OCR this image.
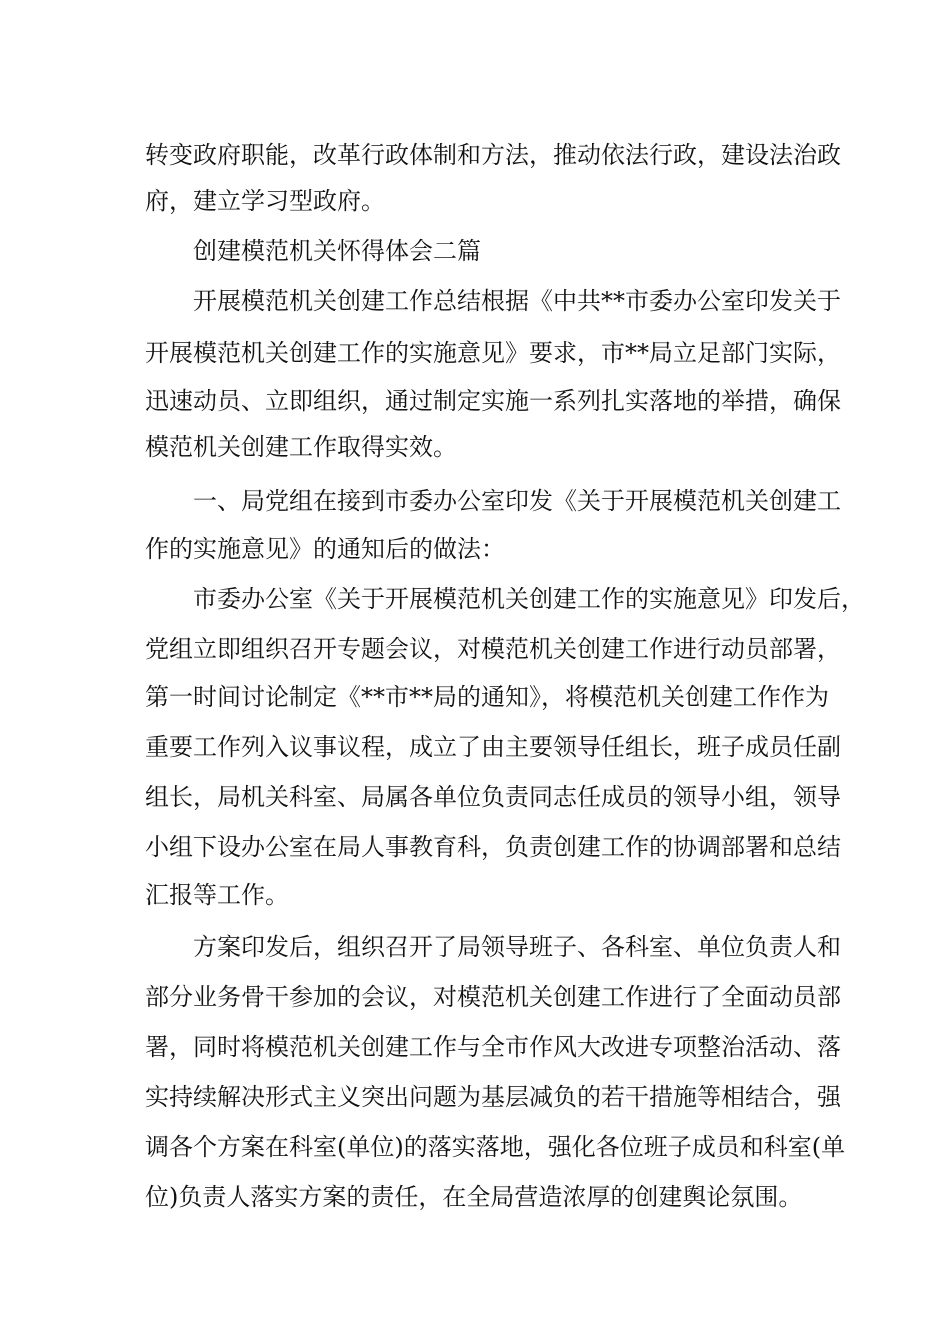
转变政府职能，改革行政体制和方法，推动依法行政，建设法治政
府，建立学习型政府。
创建模范机关怀得体会二篇
开展模范机关创建工作总结根据《中共**市委办公室印发关于
开展模范机关创建工作的实施意见》要求，市**局立足部门实际，
迅速动员、立即组织，通过制定实施一系列扎实落地的举措，确保
模范机关创建工作取得实效。
一、局党组在接到市委办公室印发《关于开展模范机关创建工
作的实施意见》的通知后的做法：
市委办公室《关于开展模范机关创建工作的实施意见》印发后，
党组立即组织召开专题会议，对模范机关创建工作进行动员部署，
第一时间讨论制定《**市**局的通知》，将模范机关创建工作作为
重要工作列入议事议程，成立了由主要领导任组长，班子成员任副
组长，局机关科室、局属各单位负责同志任成员的领导小组，领导
小组下设办公室在局人事教育科，负责创建工作的协调部署和总结
汇报等工作。
方案印发后，组织召开了局领导班子、各科室、单位负责人和
部分业务骨干参加的会议，对模范机关创建工作进行了全面动员部
署，同时将模范机关创建工作与全市作风大改进专项整治活动、落
实持续解决形式主义突出问题为基层减负的若干措施等相结合，强
调各个方案在科室(单位)的落实落地，强化各位班子成员和科室(单
位)负责人落实方案的责任，在全局营造浓厚的创建舆论氛围。
